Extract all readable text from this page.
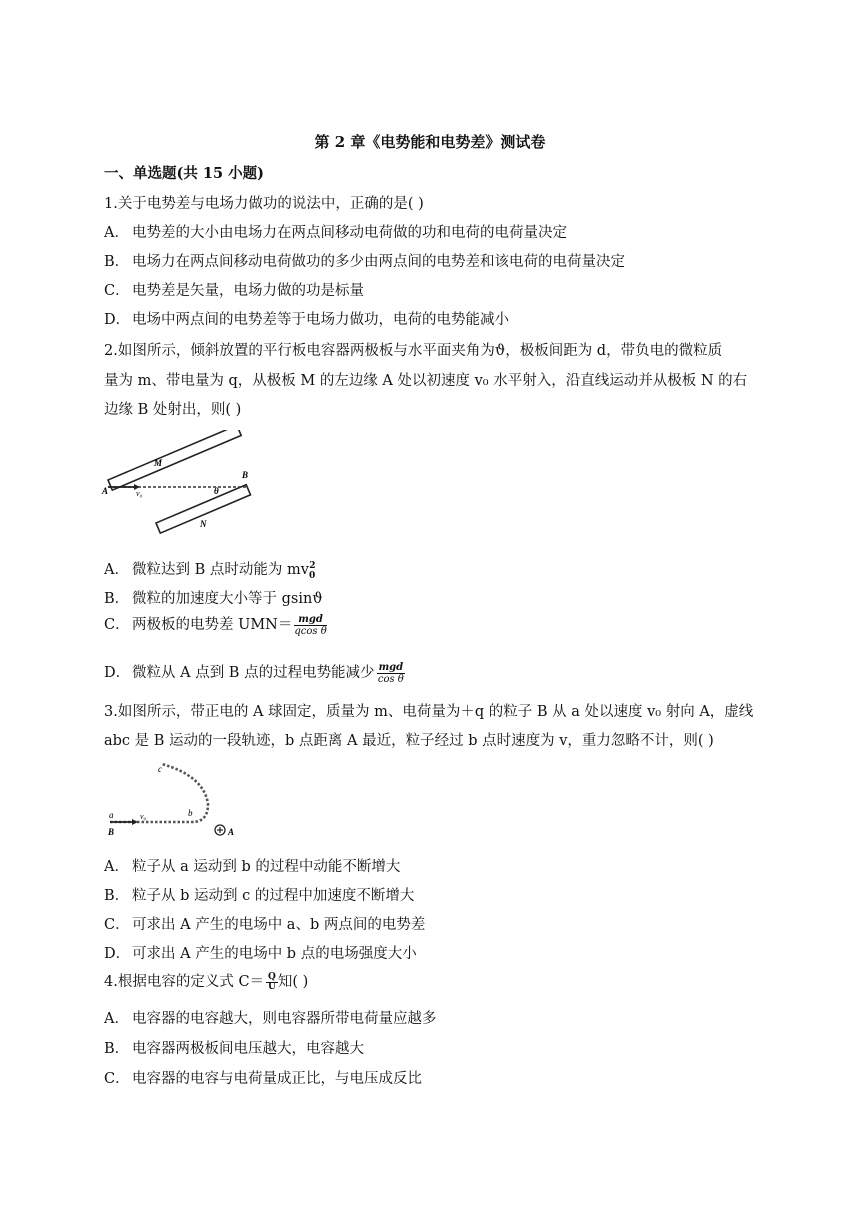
第 2 章《电势能和电势差》测试卷
一、单选题(共 15 小题)
1.关于电势差与电场力做功的说法中，正确的是( )
A． 电势差的大小由电场力在两点间移动电荷做的功和电荷的电荷量决定
B． 电场力在两点间移动电荷做功的多少由两点间的电势差和该电荷的电荷量决定
C． 电势差是矢量，电场力做的功是标量
D． 电场中两点间的电势差等于电场力做功，电荷的电势能减小
2.如图所示，倾斜放置的平行板电容器两极板与水平面夹角为ϑ，极板间距为 d，带负电的微粒质
量为 m、带电量为 q，从极板 M 的左边缘 A 处以初速度 v₀ 水平射入，沿直线运动并从极板 N 的右
边缘 B 处射出，则( )
M
N
A
B
v₀	θ
A． 微粒达到 B 点时动能为 $mv_0^2$
B． 微粒的加速度大小等于 gsinϑ
C． 两极板的电势差 $UMN= \frac{\text{mgd}}{\text{qcos θ}}$
D． 微粒从 A 点到 B 点的过程电势能减少 $\frac{\text{mgd}}{\text{cos θ}}$
3.如图所示，带正电的 A 球固定，质量为 m、电荷量为＋q 的粒子 B 从 a 处以速度 v₀ 射向 A，虚线
abc 是 B 运动的一段轨迹，b 点距离 A 最近，粒子经过 b 点时速度为 v，重力忽略不计，则( )
a	b
c
B	A
v₀
A． 粒子从 a 运动到 b 的过程中动能不断增大
B． 粒子从 b 运动到 c 的过程中加速度不断增大
C． 可求出 A 产生的电场中 a、b 两点间的电势差
D． 可求出 A 产生的电场中 b 点的电场强度大小
4.根据电容的定义式 $C= \frac{Q}{U}$ 知( )
A． 电容器的电容越大，则电容器所带电荷量应越多
B． 电容器两极板间电压越大，电容越大
C． 电容器的电容与电荷量成正比，与电压成反比
